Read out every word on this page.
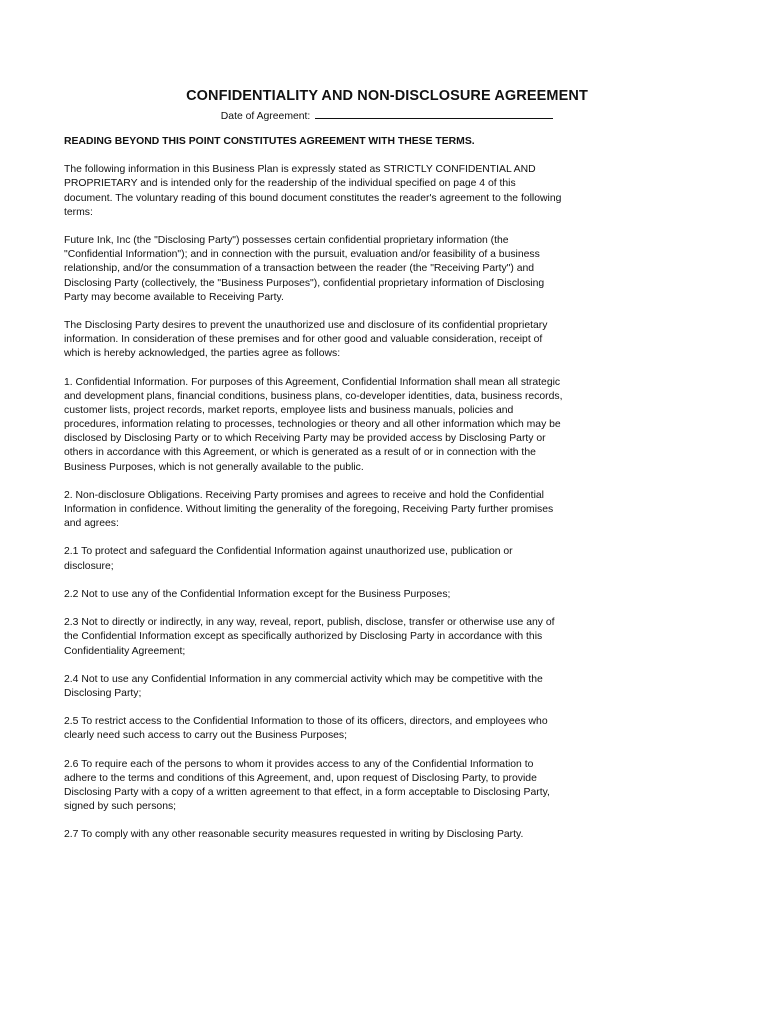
CONFIDENTIALITY AND NON-DISCLOSURE AGREEMENT
Date of Agreement:

READING BEYOND THIS POINT CONSTITUTES AGREEMENT WITH THESE TERMS.

The following information in this Business Plan is expressly stated as STRICTLY CONFIDENTIAL AND PROPRIETARY and is intended only for the readership of the individual specified on page 4 of this document. The voluntary reading of this bound document constitutes the reader's agreement to the following terms:

Future Ink, Inc (the "Disclosing Party") possesses certain confidential proprietary information (the "Confidential Information"); and in connection with the pursuit, evaluation and/or feasibility of a business relationship, and/or the consummation of a transaction between the reader (the "Receiving Party") and Disclosing Party (collectively, the "Business Purposes"), confidential proprietary information of Disclosing Party may become available to Receiving Party.

The Disclosing Party desires to prevent the unauthorized use and disclosure of its confidential proprietary information. In consideration of these premises and for other good and valuable consideration, receipt of which is hereby acknowledged, the parties agree as follows:

1. Confidential Information. For purposes of this Agreement, Confidential Information shall mean all strategic and development plans, financial conditions, business plans, co-developer identities, data, business records, customer lists, project records, market reports, employee lists and business manuals, policies and procedures, information relating to processes, technologies or theory and all other information which may be disclosed by Disclosing Party or to which Receiving Party may be provided access by Disclosing Party or others in accordance with this Agreement, or which is generated as a result of or in connection with the Business Purposes, which is not generally available to the public.

2. Non-disclosure Obligations. Receiving Party promises and agrees to receive and hold the Confidential Information in confidence. Without limiting the generality of the foregoing, Receiving Party further promises and agrees:

2.1 To protect and safeguard the Confidential Information against unauthorized use, publication or disclosure;

2.2 Not to use any of the Confidential Information except for the Business Purposes;

2.3 Not to directly or indirectly, in any way, reveal, report, publish, disclose, transfer or otherwise use any of the Confidential Information except as specifically authorized by Disclosing Party in accordance with this Confidentiality Agreement;

2.4 Not to use any Confidential Information in any commercial activity which may be competitive with the Disclosing Party;

2.5 To restrict access to the Confidential Information to those of its officers, directors, and employees who clearly need such access to carry out the Business Purposes;

2.6 To require each of the persons to whom it provides access to any of the Confidential Information to adhere to the terms and conditions of this Agreement, and, upon request of Disclosing Party, to provide Disclosing Party with a copy of a written agreement to that effect, in a form acceptable to Disclosing Party, signed by such persons;

2.7 To comply with any other reasonable security measures requested in writing by Disclosing Party.
